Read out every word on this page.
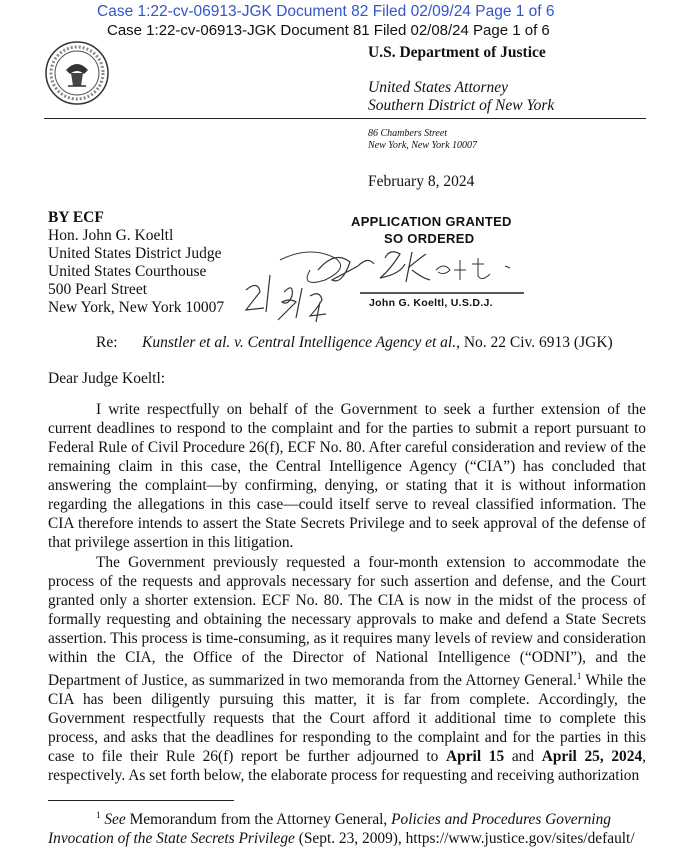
Case 1:22-cv-06913-JGK Document 82 Filed 02/09/24 Page 1 of 6
Case 1:22-cv-06913-JGK Document 81 Filed 02/08/24 Page 1 of 6
U.S. Department of Justice
United States Attorney
Southern District of New York
86 Chambers Street
New York, New York 10007
February 8, 2024
BY ECF
Hon. John G. Koeltl
United States District Judge
United States Courthouse
500 Pearl Street
New York, New York 10007
APPLICATION GRANTED
SO ORDERED
John G. Koeltl, U.S.D.J.
Re: Kunstler et al. v. Central Intelligence Agency et al., No. 22 Civ. 6913 (JGK)
Dear Judge Koeltl:

I write respectfully on behalf of the Government to seek a further extension of the current deadlines to respond to the complaint and for the parties to submit a report pursuant to Federal Rule of Civil Procedure 26(f), ECF No. 80. After careful consideration and review of the remaining claim in this case, the Central Intelligence Agency (“CIA”) has concluded that answering the complaint—by confirming, denying, or stating that it is without information regarding the allegations in this case—could itself serve to reveal classified information. The CIA therefore intends to assert the State Secrets Privilege and to seek approval of the defense of that privilege assertion in this litigation.

The Government previously requested a four-month extension to accommodate the process of the requests and approvals necessary for such assertion and defense, and the Court granted only a shorter extension. ECF No. 80. The CIA is now in the midst of the process of formally requesting and obtaining the necessary approvals to make and defend a State Secrets assertion. This process is time-consuming, as it requires many levels of review and consideration within the CIA, the Office of the Director of National Intelligence (“ODNI”), and the Department of Justice, as summarized in two memoranda from the Attorney General.$^1$ While the CIA has been diligently pursuing this matter, it is far from complete. Accordingly, the Government respectfully requests that the Court afford it additional time to complete this process, and asks that the deadlines for responding to the complaint and for the parties in this case to file their Rule 26(f) report be further adjourned to April 15 and April 25, 2024, respectively. As set forth below, the elaborate process for requesting and receiving authorization

$^1$ See Memorandum from the Attorney General, Policies and Procedures Governing Invocation of the State Secrets Privilege (Sept. 23, 2009), https://www.justice.gov/sites/default/
